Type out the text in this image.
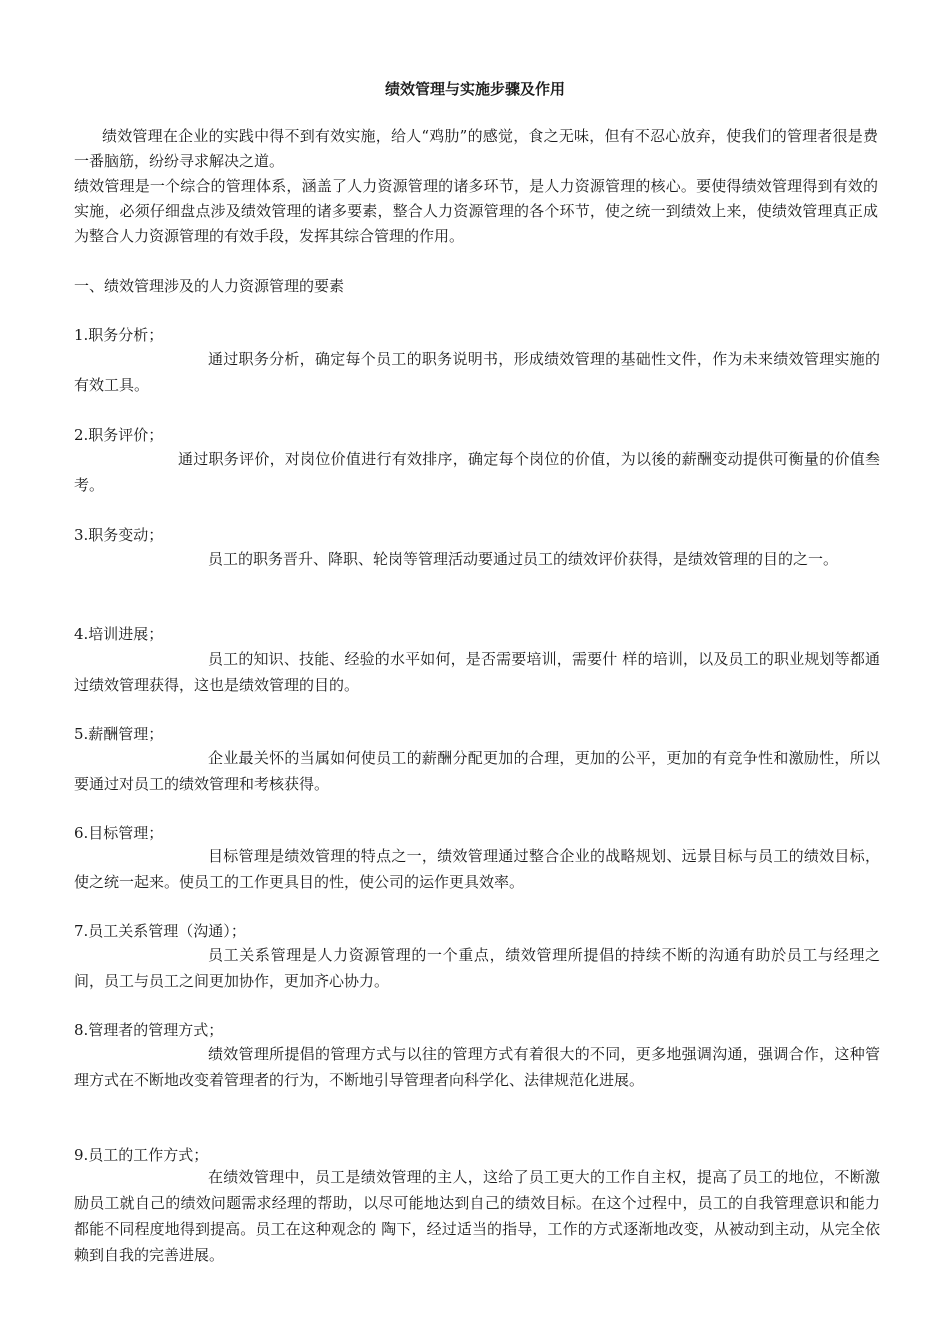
绩效管理与实施步骤及作用

绩效管理在企业的实践中得不到有效实施，给人“鸡肋”的感觉，食之无味，但有不忍心放弃，使我们的管理者很是费一番脑筋，纷纷寻求解决之道。

绩效管理是一个综合的管理体系，涵盖了人力资源管理的诸多环节，是人力资源管理的核心。要使得绩效管理得到有效的实施，必须仔细盘点涉及绩效管理的诸多要素，整合人力资源管理的各个环节，使之统一到绩效上来，使绩效管理真正成为整合人力资源管理的有效手段，发挥其综合管理的作用。

一、绩效管理涉及的人力资源管理的要素

1.职务分析；

通过职务分析，确定每个员工的职务说明书，形成绩效管理的基础性文件，作为未来绩效管理实施的有效工具。

2.职务评价；

通过职务评价，对岗位价值进行有效排序，确定每个岗位的价值，为以後的薪酬变动提供可衡量的价值叁考。

3.职务变动；

员工的职务晋升、降职、轮岗等管理活动要通过员工的绩效评价获得，是绩效管理的目的之一。

4.培训进展；

员工的知识、技能、经验的水平如何，是否需要培训，需要什 样的培训，以及员工的职业规划等都通过绩效管理获得，这也是绩效管理的目的。

5.薪酬管理；

企业最关怀的当属如何使员工的薪酬分配更加的合理，更加的公平，更加的有竞争性和激励性，所以要通过对员工的绩效管理和考核获得。

6.目标管理；

目标管理是绩效管理的特点之一，绩效管理通过整合企业的战略规划、远景目标与员工的绩效目标，使之统一起来。使员工的工作更具目的性，使公司的运作更具效率。

7.员工关系管理（沟通）；

员工关系管理是人力资源管理的一个重点，绩效管理所提倡的持续不断的沟通有助於员工与经理之间，员工与员工之间更加协作，更加齐心协力。

8.管理者的管理方式；

绩效管理所提倡的管理方式与以往的管理方式有着很大的不同，更多地强调沟通，强调合作，这种管理方式在不断地改变着管理者的行为，不断地引导管理者向科学化、法律规范化进展。

9.员工的工作方式；

在绩效管理中，员工是绩效管理的主人，这给了员工更大的工作自主权，提高了员工的地位，不断激励员工就自己的绩效问题需求经理的帮助，以尽可能地达到自己的绩效目标。在这个过程中，员工的自我管理意识和能力都能不同程度地得到提高。员工在这种观念的 陶下，经过适当的指导，工作的方式逐渐地改变，从被动到主动，从完全依赖到自我的完善进展。
